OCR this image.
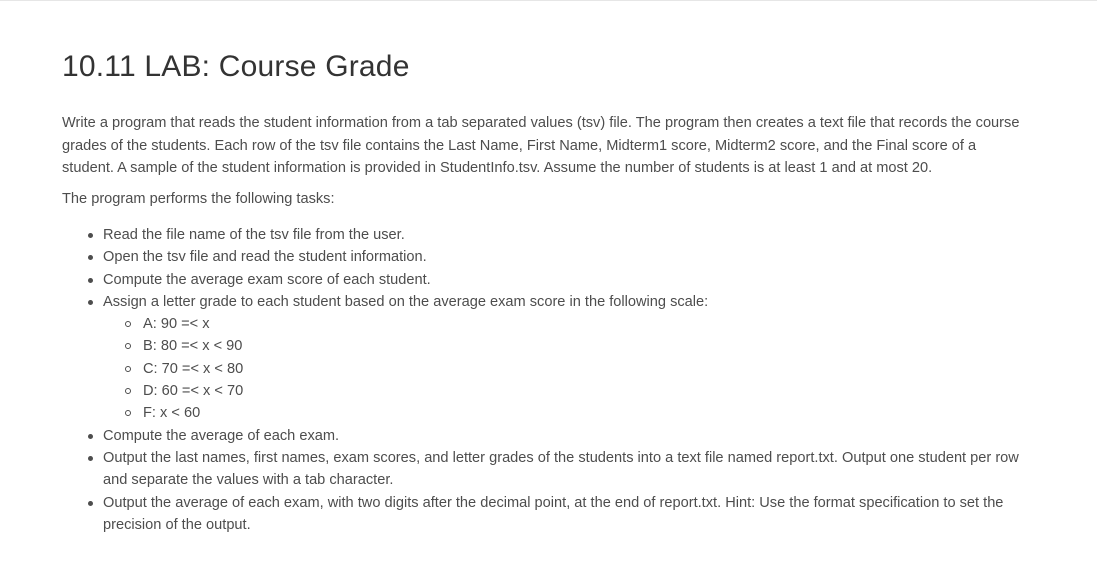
10.11 LAB: Course Grade

Write a program that reads the student information from a tab separated values (tsv) file. The program then creates a text file that records the course grades of the students. Each row of the tsv file contains the Last Name, First Name, Midterm1 score, Midterm2 score, and the Final score of a student. A sample of the student information is provided in StudentInfo.tsv. Assume the number of students is at least 1 and at most 20.

The program performs the following tasks:

Read the file name of the tsv file from the user.
Open the tsv file and read the student information.
Compute the average exam score of each student.
Assign a letter grade to each student based on the average exam score in the following scale:
A: 90 =< x
B: 80 =< x < 90
C: 70 =< x < 80
D: 60 =< x < 70
F: x < 60
Compute the average of each exam.
Output the last names, first names, exam scores, and letter grades of the students into a text file named report.txt. Output one student per row and separate the values with a tab character.
Output the average of each exam, with two digits after the decimal point, at the end of report.txt. Hint: Use the format specification to set the precision of the output.
